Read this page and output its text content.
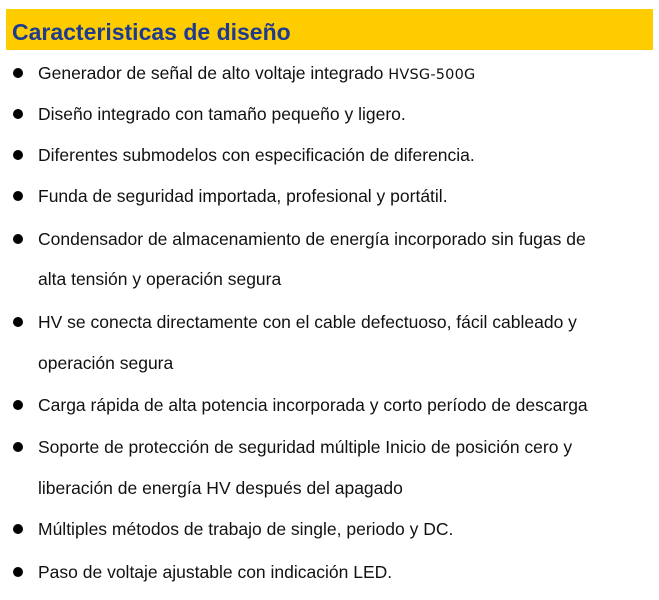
Caracteristicas de diseño
Generador de señal de alto voltaje integrado HVSG-500G
Diseño integrado con tamaño pequeño y ligero.
Diferentes submodelos con especificación de diferencia.
Funda de seguridad importada, profesional y portátil.
Condensador de almacenamiento de energía incorporado sin fugas de
alta tensión y operación segura
HV se conecta directamente con el cable defectuoso, fácil cableado y
operación segura
Carga rápida de alta potencia incorporada y corto período de descarga
Soporte de protección de seguridad múltiple Inicio de posición cero y
liberación de energía HV después del apagado
Múltiples métodos de trabajo de single, periodo y DC.
Paso de voltaje ajustable con indicación LED.
